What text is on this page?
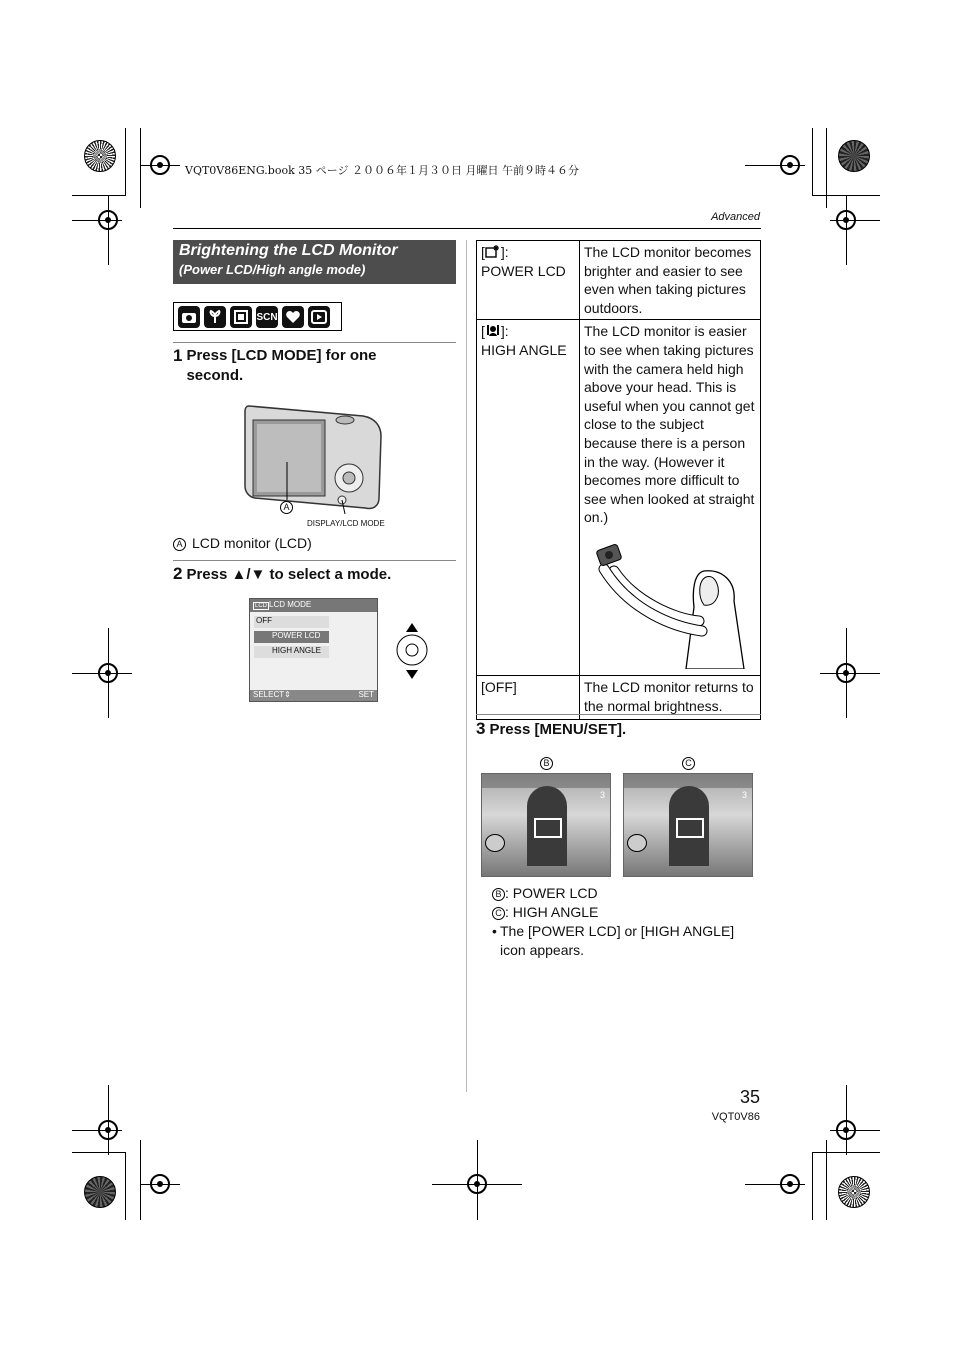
VQT0V86ENG.book 35 ページ ２００６年１月３０日 月曜日 午前９時４６分
Advanced
Brightening the LCD Monitor
(Power LCD/High angle mode)
SCN
1 Press [LCD MODE] for one second.
A
DISPLAY/LCD MODE
A LCD monitor (LCD)
2 Press ▲/▼ to select a mode.
LCD LCD MODE
OFF
POWER LCD
HIGH ANGLE
SELECT⇕	SET
[ ]:
POWER LCD	The LCD monitor becomes brighter and easier to see even when taking pictures outdoors.
[ ]:
HIGH ANGLE	The LCD monitor is easier to see when taking pictures with the camera held high above your head. This is useful when you cannot get close to the subject because there is a person in the way. (However it becomes more difficult to see when looked at straight on.)

[OFF]	The LCD monitor returns to the normal brightness.
3 Press [MENU/SET].
B	C
3	3
B : POWER LCD
C : HIGH ANGLE
• The [POWER LCD] or [HIGH ANGLE] icon appears.
35
VQT0V86
